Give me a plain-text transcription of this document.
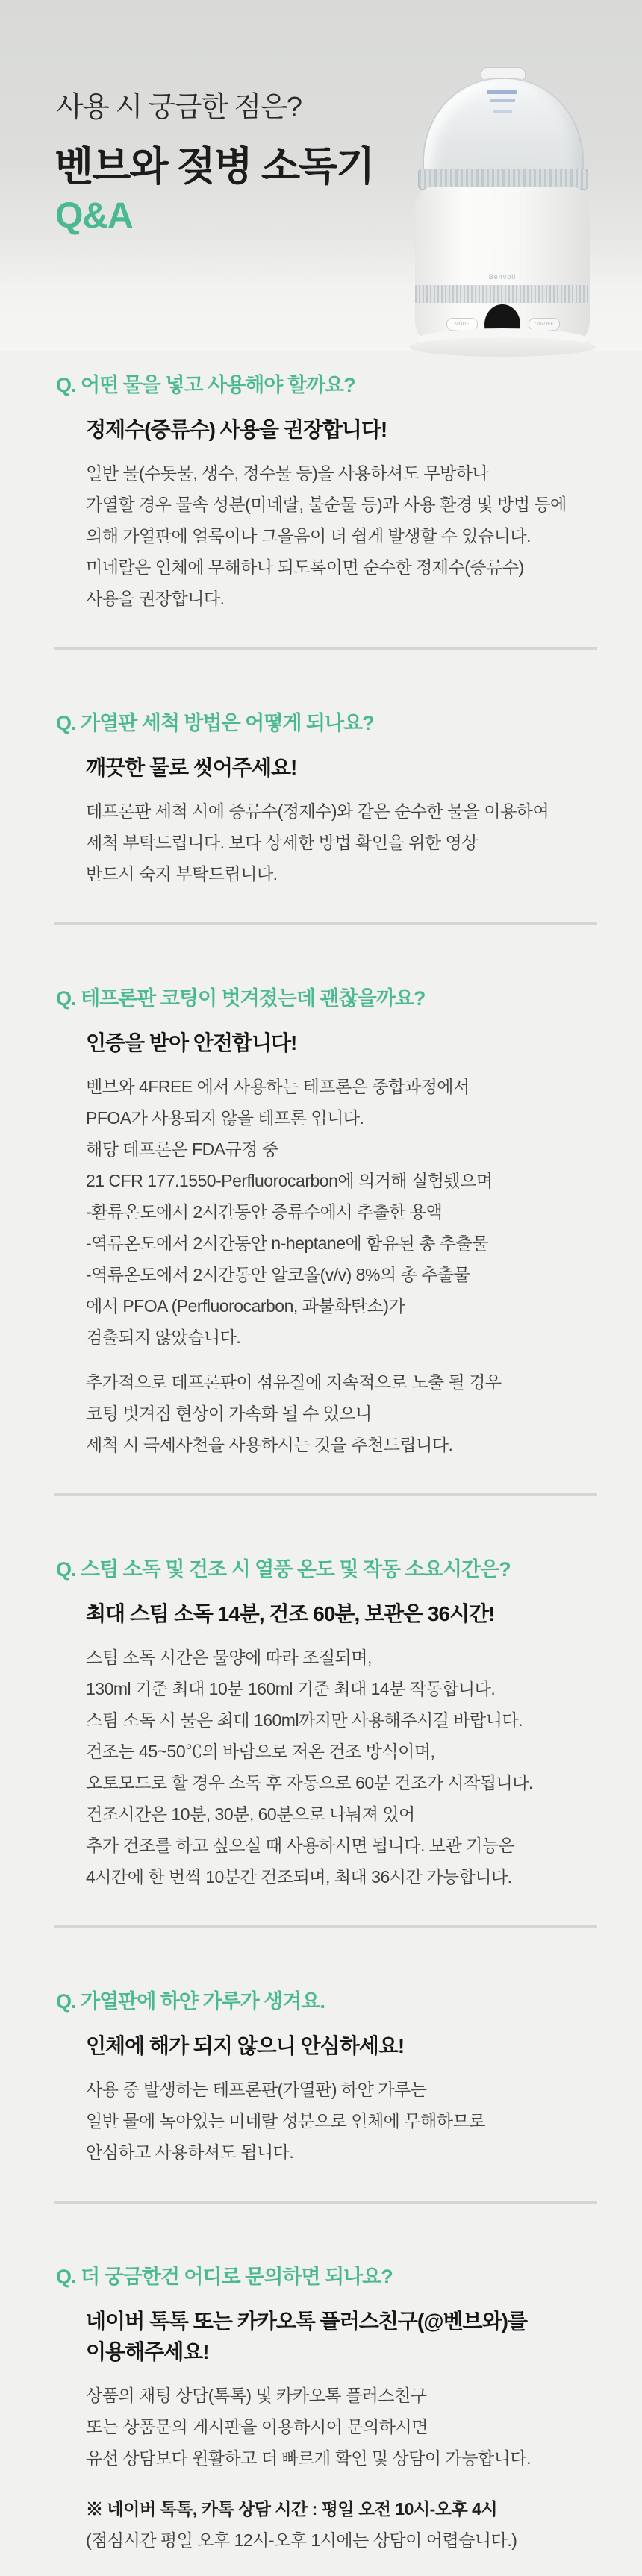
사용 시 궁금한 점은?
벤브와 젖병 소독기
Q&A
Benvoli
MODE	ON/OFF
Q. 어떤 물을 넣고 사용해야 할까요?
정제수(증류수) 사용을 권장합니다!
일반 물(수돗물, 생수, 정수물 등)을 사용하셔도 무방하나
가열할 경우 물속 성분(미네랄, 불순물 등)과 사용 환경 및 방법 등에
의해 가열판에 얼룩이나 그을음이 더 쉽게 발생할 수 있습니다.
미네랄은 인체에 무해하나 되도록이면 순수한 정제수(증류수)
사용을 권장합니다.
Q. 가열판 세척 방법은 어떻게 되나요?
깨끗한 물로 씻어주세요!
테프론판 세척 시에 증류수(정제수)와 같은 순수한 물을 이용하여
세척 부탁드립니다. 보다 상세한 방법 확인을 위한 영상
반드시 숙지 부탁드립니다.
Q. 테프론판 코팅이 벗겨졌는데 괜찮을까요?
인증을 받아 안전합니다!
벤브와 4FREE 에서 사용하는 테프론은 중합과정에서
PFOA가 사용되지 않을 테프론 입니다.
해당 테프론은 FDA규정 중
21 CFR 177.1550-Perfluorocarbon에 의거해 실험됐으며
-환류온도에서 2시간동안 증류수에서 추출한 용액
-역류온도에서 2시간동안 n-heptane에 함유된 총 추출물
-역류온도에서 2시간동안 알코올(v/v) 8%의 총 추출물
에서 PFOA (Perfluorocarbon, 과불화탄소)가
검출되지 않았습니다.
추가적으로 테프론판이 섬유질에 지속적으로 노출 될 경우
코팅 벗겨짐 현상이 가속화 될 수 있으니
세척 시 극세사천을 사용하시는 것을 추천드립니다.
Q. 스팀 소독 및 건조 시 열풍 온도 및 작동 소요시간은?
최대 스팀 소독 14분, 건조 60분, 보관은 36시간!
스팀 소독 시간은 물양에 따라 조절되며,
130ml 기준 최대 10분 160ml 기준 최대 14분 작동합니다.
스팀 소독 시 물은 최대 160ml까지만 사용해주시길 바랍니다.
건조는 45~50℃의 바람으로 저온 건조 방식이며,
오토모드로 할 경우 소독 후 자동으로 60분 건조가 시작됩니다.
건조시간은 10분, 30분, 60분으로 나눠져 있어
추가 건조를 하고 싶으실 때 사용하시면 됩니다. 보관 기능은
4시간에 한 번씩 10분간 건조되며, 최대 36시간 가능합니다.
Q. 가열판에 하얀 가루가 생겨요.
인체에 해가 되지 않으니 안심하세요!
사용 중 발생하는 테프론판(가열판) 하얀 가루는
일반 물에 녹아있는 미네랄 성분으로 인체에 무해하므로
안심하고 사용하셔도 됩니다.
Q. 더 궁금한건 어디로 문의하면 되나요?
네이버 톡톡 또는 카카오톡 플러스친구(@벤브와)를
이용해주세요!
상품의 채팅 상담(톡톡) 및 카카오톡 플러스친구
또는 상품문의 게시판을 이용하시어 문의하시면
유선 상담보다 원활하고 더 빠르게 확인 및 상담이 가능합니다.
※ 네이버 톡톡, 카톡 상담 시간 : 평일 오전 10시-오후 4시
(점심시간 평일 오후 12시-오후 1시에는 상담이 어렵습니다.)
